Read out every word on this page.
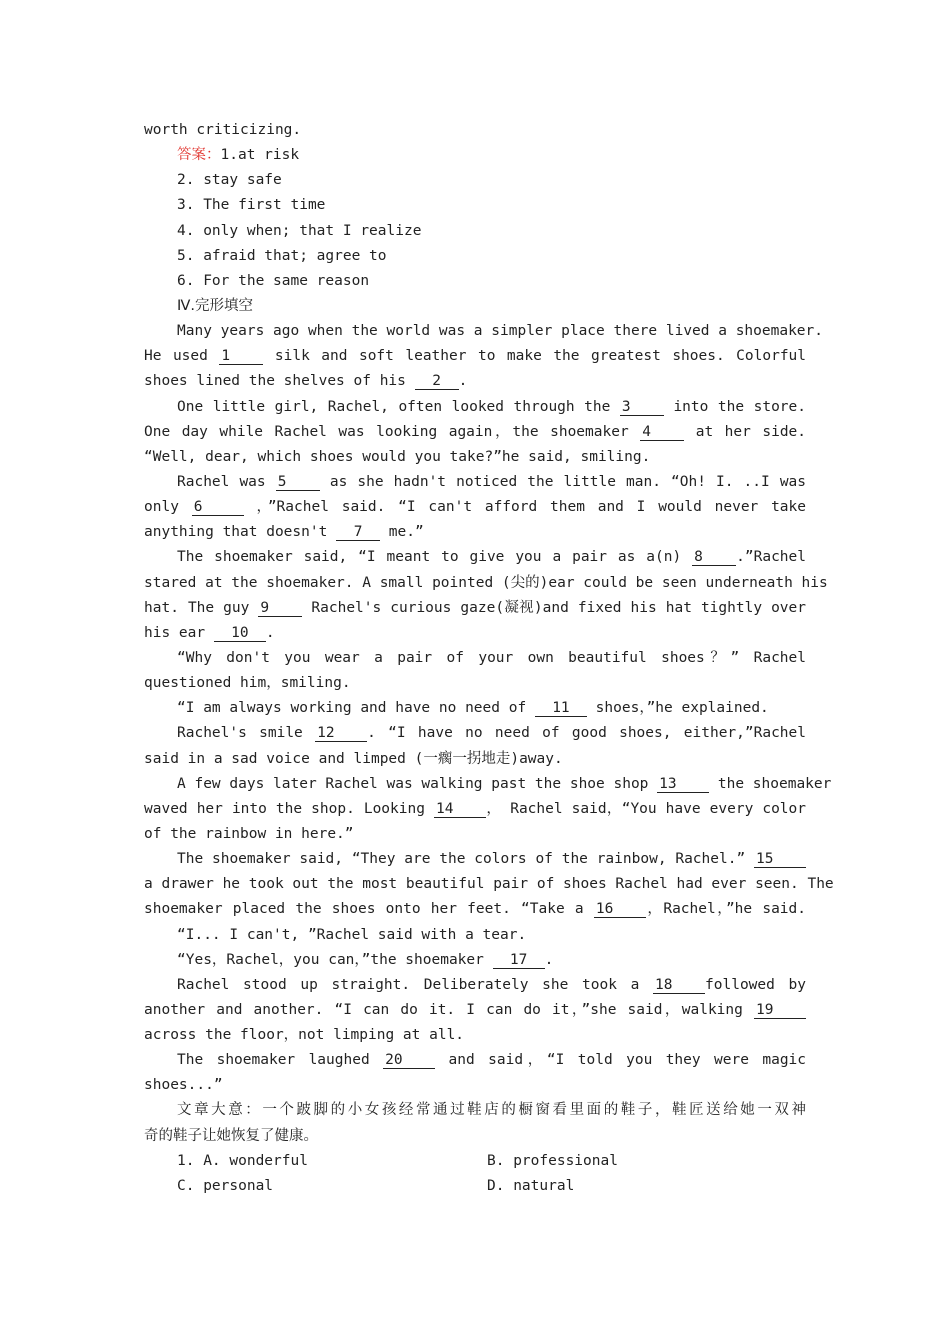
worth criticizing.
答案：1.at risk
2. stay safe
3. The first time
4. only when; that I realize
5. afraid that; agree to
6. For the same reason
Ⅳ.完形填空
Many years ago when the world was a simpler place there lived a shoemaker.
He used 1	silk and soft leather to make the greatest shoes. Colorful
shoes lined the shelves of his 2 .
One little girl, Rachel, often looked through the 3	into the store.
One day while Rachel was looking again，the shoemaker 4	at her side.
“Well, dear, which shoes would you take?”he said, smiling.
Rachel was 5	as she hadn't noticed the little man. “Oh! I. ..I was
only 6	，”Rachel said. “I can't afford them and I would never take
anything that doesn't 7 me.”
The shoemaker said, “I meant to give you a pair as a(n) 8 .”Rachel
stared at the shoemaker. A small pointed (尖的)ear could be seen underneath his
hat. The guy 9	Rachel's curious gaze(凝视)and fixed his hat tightly over
his ear 10 .
“Why don't you wear a pair of your own beautiful shoes？” Rachel
questioned him，smiling.
“I am always working and have no need of 11 shoes，”he explained.
Rachel's smile 12 . “I have no need of good shoes, either,”Rachel
said in a sad voice and limped (一瘸一拐地走)away.
A few days later Rachel was walking past the shoe shop 13	the shoemaker
waved her into the shop. Looking 14 ， Rachel said，“You have every color
of the rainbow in here.”
The shoemaker said, “They are the colors of the rainbow, Rachel.” 15
a drawer he took out the most beautiful pair of shoes Rachel had ever seen. The
shoemaker placed the shoes onto her feet. “Take a 16 ，Rachel，”he said.
“I... I can't, ”Rachel said with a tear.
“Yes，Rachel，you can，”the shoemaker 17 .
Rachel stood up straight. Deliberately she took a 18 followed by
another and another. “I can do it. I can do it，”she said，walking 19
across the floor，not limping at all.
The shoemaker laughed 20	and said，“I told you they were magic
shoes...”
文章大意：一个跛脚的小女孩经常通过鞋店的橱窗看里面的鞋子，鞋匠送给她一双神
奇的鞋子让她恢复了健康。
1. A. wonderful	B. professional
C. personal	D. natural
